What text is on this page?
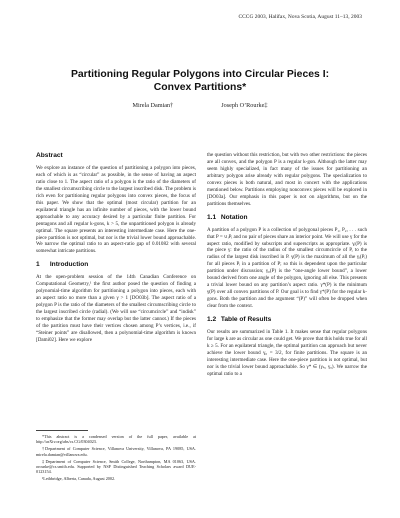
CCCG 2003, Halifax, Nova Scotia, August 11–13, 2003
Partitioning Regular Polygons into Circular Pieces I:
Convex Partitions*
Mirela Damian†	Joseph O’Rourke‡
Abstract

We explore an instance of the question of partitioning a polygon into pieces, each of which is as “circular” as possible, in the sense of having an aspect ratio close to 1. The aspect ratio of a polygon is the ratio of the diameters of the smallest circumscribing circle to the largest inscribed disk. The problem is rich even for partitioning regular polygons into convex pieces, the focus of this paper. We show that the optimal (most circular) partition for an equilateral triangle has an infinite number of pieces, with the lower bound approachable to any accuracy desired by a particular finite partition. For pentagons and all regular k-gons, k > 5, the unpartitioned polygon is already optimal. The square presents an interesting intermediate case. Here the one-piece partition is not optimal, but nor is the trivial lower bound approachable. We narrow the optimal ratio to an aspect-ratio gap of 0.01082 with several somewhat intricate partitions.

1 Introduction

At the open-problem session of the 14th Canadian Conference on Computational Geometry,¹ the first author posed the question of finding a polynomial-time algorithm for partitioning a polygon into pieces, each with an aspect ratio no more than a given γ > 1 [DO03b]. The aspect ratio of a polygon P is the ratio of the diameters of the smallest circumscribing circle to the largest inscribed circle (radial). (We will use “circumcircle” and “indisk” to emphasize that the former may overlap but the latter cannot.) If the pieces of the partition must have their vertices chosen among P’s vertices, i.e., if “Steiner points” are disallowed, then a polynomial-time algorithm is known [Dami02]. Here we explore

*This abstract is a condensed version of the full paper, available at http://arXiv.org/abs/cs.CG/0304023.

†Department of Computer Science, Villanova University, Villanova, PA 19085, USA. mirela.damian@villanova.edu.

‡Department of Computer Science, Smith College, Northampton, MA 01063, USA. orourke@cs.smith.edu. Supported by NSF Distinguished Teaching Scholars award DUE-0123154.

¹Lethbridge, Alberta, Canada, August 2002.

the question without this restriction, but with two other restrictions: the pieces are all convex, and the polygon P is a regular k-gon. Although the latter may seem highly specialized, in fact many of the issues for partitioning an arbitrary polygon arise already with regular polygons. The specialization to convex pieces is both natural, and most in concert with the applications mentioned below. Partitions employing nonconvex pieces will be explored in [DO03a]. Our emphasis in this paper is not on algorithms, but on the partitions themselves.

1.1 Notation

A partition of a polygon P is a collection of polygonal pieces P₁, P₂, . . . such that P = ∪ᵢPᵢ and no pair of pieces share an interior point. We will use γ for the aspect ratio, modified by subscripts and superscripts as appropriate. γᵢ(P) is the piece γ: the ratio of the radius of the smallest circumcircle of P, to the radius of the largest disk inscribed in P. γ(P) is the maximum of all the γᵢ(Pᵢ) for all pieces Pᵢ in a partition of P; so this is dependent upon the particular partition under discussion; γ₀(P) is the “one-angle lower bound”, a lower bound derived from one angle of the polygon, ignoring all else. This presents a trivial lower bound on any partition’s aspect ratio. γ*(P) is the minimum γ(P) over all convex partitions of P. Our goal is to find γ*(P) for the regular k-gons. Both the partition and the argument “(P)” will often be dropped when clear from the context.

1.2 Table of Results

Our results are summarized in Table 1. It makes sense that regular polygons for large k are as circular as one could get. We prove that this holds true for all k ≥ 5. For an equilateral triangle, the optimal partition can approach but never achieve the lower bound γ₀ = 3/2, for finite partitions. The square is an interesting intermediate case. Here the one-piece partition is not optimal, but nor is the trivial lower bound approachable. So γ* ∈ (γₗₒ, γᵤ). We narrow the optimal ratio to a
